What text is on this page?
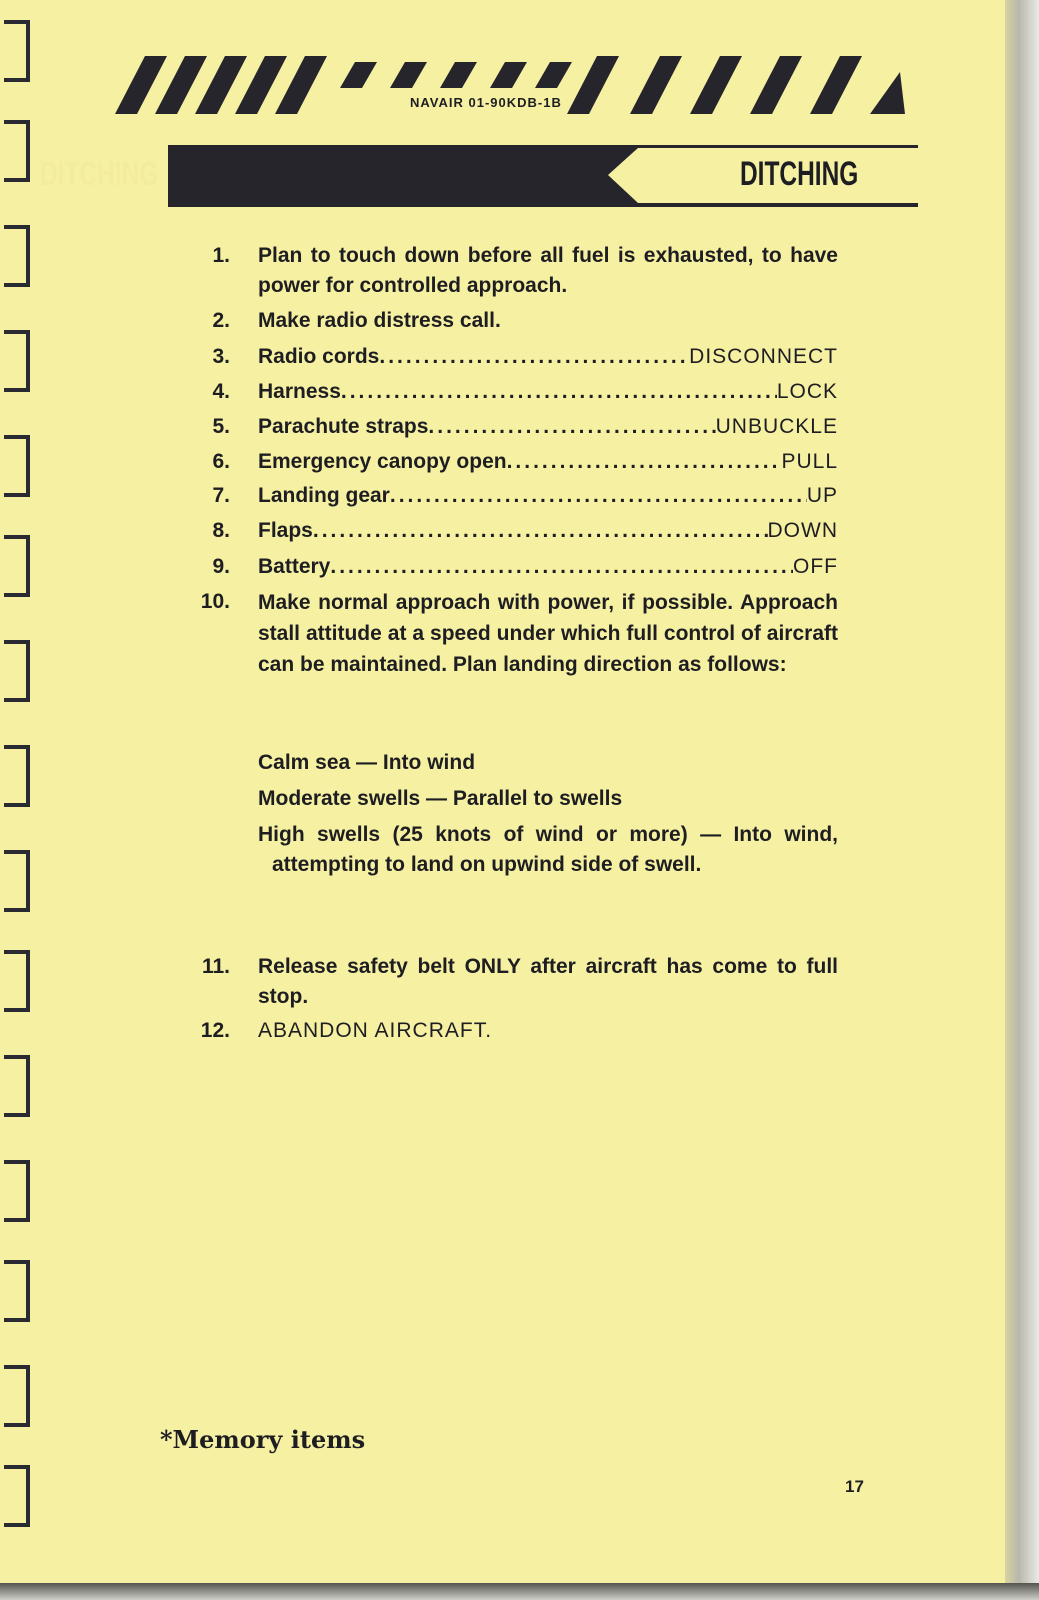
NAVAIR 01-90KDB-1B
DITCHING	DITCHING
1. Plan to touch down before all fuel is exhausted, to have power for controlled approach.
2. Make radio distress call.
3. Radio cords .....	DISCONNECT
4. Harness .....	LOCK
5. Parachute straps .....	UNBUCKLE
6. Emergency canopy open .....	PULL
7. Landing gear .....	UP
8. Flaps .....	DOWN
9. Battery .....	OFF
10. Make normal approach with power, if possible. Approach stall attitude at a speed under which full control of aircraft can be maintained. Plan landing direction as follows:
11. Release safety belt ONLY after aircraft has come to full stop.
12. ABANDON AIRCRAFT.
Calm sea — Into wind
Moderate swells — Parallel to swells
High swells (25 knots of wind or more) — Into wind, attempting to land on upwind side of swell.
*Memory items
17
